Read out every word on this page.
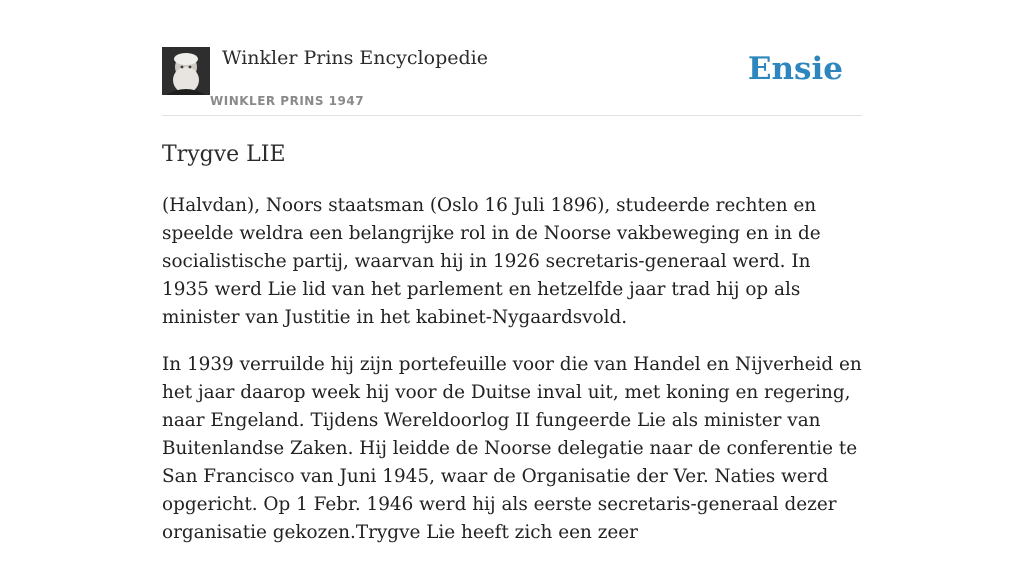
Winkler Prins Encyclopedie
WINKLER PRINS 1947
Ensie
Trygve LIE

(Halvdan), Noors staatsman (Oslo 16 Juli 1896), studeerde rechten en speelde weldra een belangrijke rol in de Noorse vakbeweging en in de socialistische partij, waarvan hij in 1926 secretaris-generaal werd. In 1935 werd Lie lid van het parlement en hetzelfde jaar trad hij op als minister van Justitie in het kabinet-Nygaardsvold.

In 1939 verruilde hij zijn portefeuille voor die van Handel en Nijverheid en het jaar daarop week hij voor de Duitse inval uit, met koning en regering, naar Engeland. Tijdens Wereldoorlog II fungeerde Lie als minister van Buitenlandse Zaken. Hij leidde de Noorse delegatie naar de conferentie te San Francisco van Juni 1945, waar de Organisatie der Ver. Naties werd opgericht. Op 1 Febr. 1946 werd hij als eerste secretaris-generaal dezer organisatie gekozen.Trygve Lie heeft zich een zeer
